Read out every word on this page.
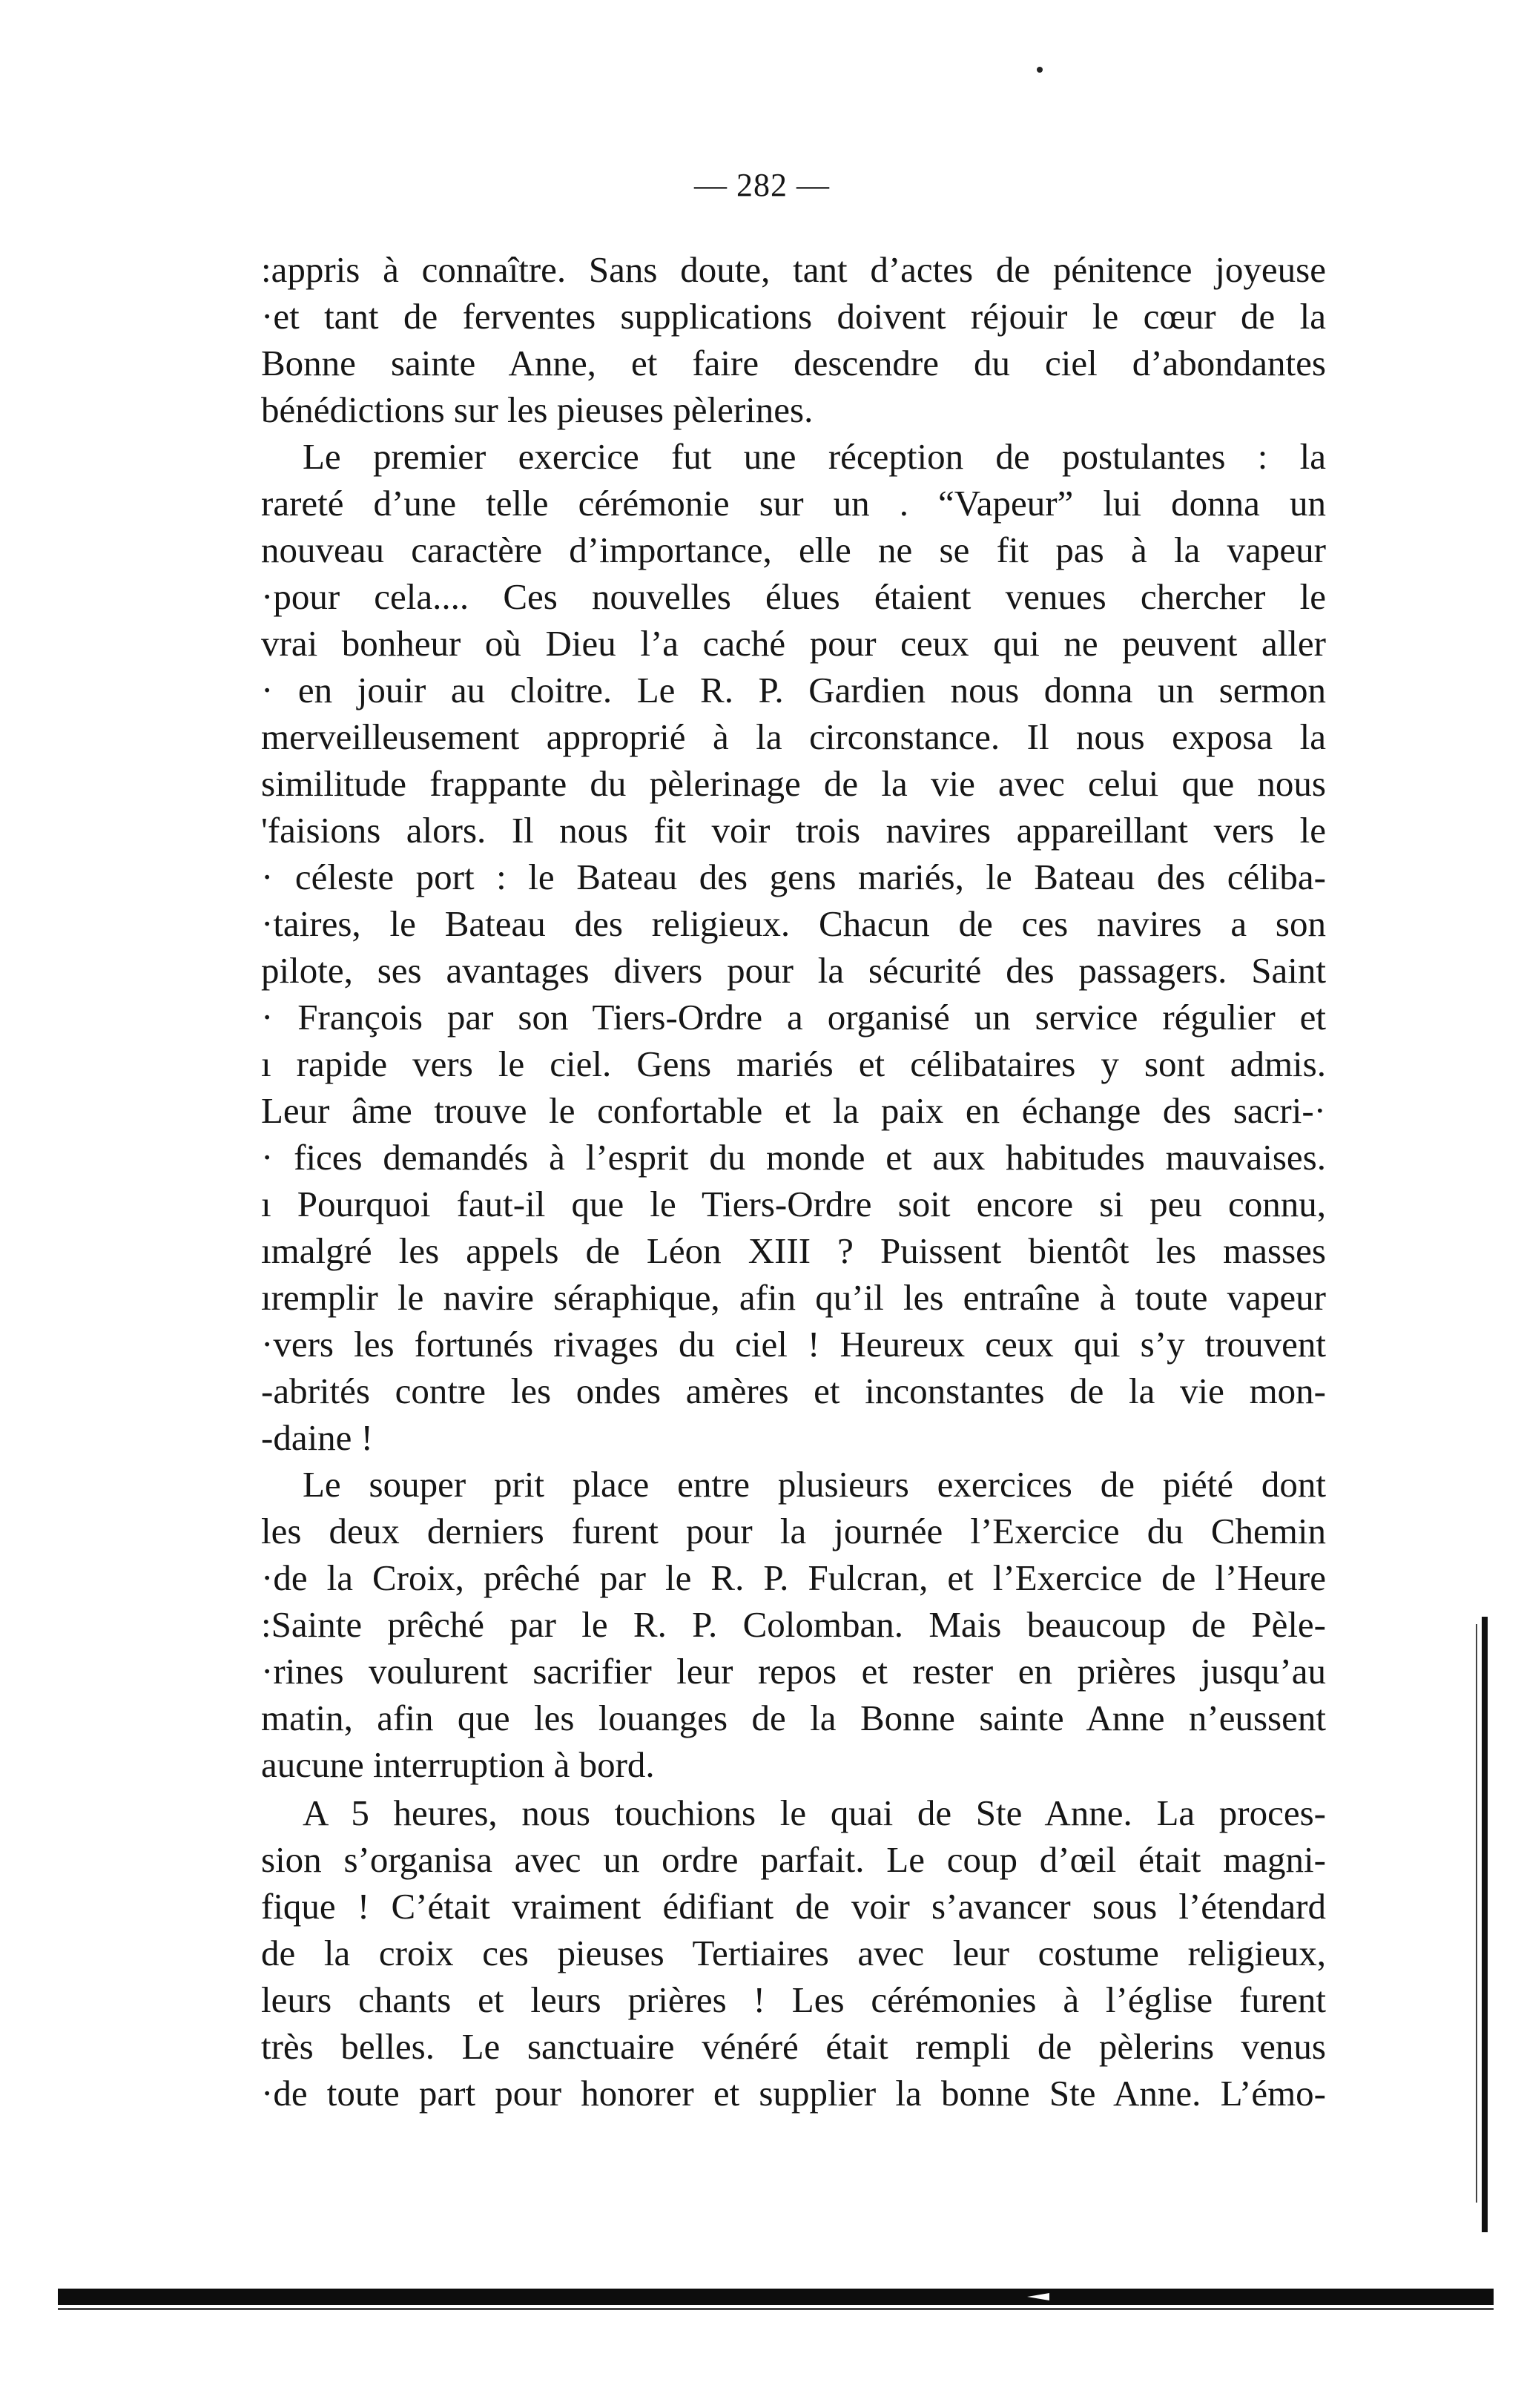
— 282 —
:appris à connaître. Sans doute, tant d’actes de pénitence joyeuse
·et tant de ferventes supplications doivent réjouir le cœur de la
Bonne sainte Anne, et faire descendre du ciel d’abondantes
bénédictions sur les pieuses pèlerines.
Le premier exercice fut une réception de postulantes : la
rareté d’une telle cérémonie sur un . “Vapeur” lui donna un
nouveau caractère d’importance, elle ne se fit pas à la vapeur
·pour cela.... Ces nouvelles élues étaient venues chercher le
vrai bonheur où Dieu l’a caché pour ceux qui ne peuvent aller
· en jouir au cloitre. Le R. P. Gardien nous donna un sermon
merveilleusement approprié à la circonstance. Il nous exposa la
similitude frappante du pèlerinage de la vie avec celui que nous
'faisions alors. Il nous fit voir trois navires appareillant vers le
· céleste port : le Bateau des gens mariés, le Bateau des céliba-
·taires, le Bateau des religieux. Chacun de ces navires a son
pilote, ses avantages divers pour la sécurité des passagers. Saint
· François par son Tiers-Ordre a organisé un service régulier et
ı rapide vers le ciel. Gens mariés et célibataires y sont admis.
Leur âme trouve le confortable et la paix en échange des sacri-·
· fices demandés à l’esprit du monde et aux habitudes mauvaises.
ı Pourquoi faut-il que le Tiers-Ordre soit encore si peu connu,
ımalgré les appels de Léon XIII ? Puissent bientôt les masses
ıremplir le navire séraphique, afin qu’il les entraîne à toute vapeur
·vers les fortunés rivages du ciel ! Heureux ceux qui s’y trouvent
-abrités contre les ondes amères et inconstantes de la vie mon-
-daine !
Le souper prit place entre plusieurs exercices de piété dont
les deux derniers furent pour la journée l’Exercice du Chemin
·de la Croix, prêché par le R. P. Fulcran, et l’Exercice de l’Heure
:Sainte prêché par le R. P. Colomban. Mais beaucoup de Pèle-
·rines voulurent sacrifier leur repos et rester en prières jusqu’au
matin, afin que les louanges de la Bonne sainte Anne n’eussent
aucune interruption à bord.
A 5 heures, nous touchions le quai de Ste Anne. La proces-
sion s’organisa avec un ordre parfait. Le coup d’œil était magni-
fique ! C’était vraiment édifiant de voir s’avancer sous l’étendard
de la croix ces pieuses Tertiaires avec leur costume religieux,
leurs chants et leurs prières ! Les cérémonies à l’église furent
très belles. Le sanctuaire vénéré était rempli de pèlerins venus
·de toute part pour honorer et supplier la bonne Ste Anne. L’émo-
